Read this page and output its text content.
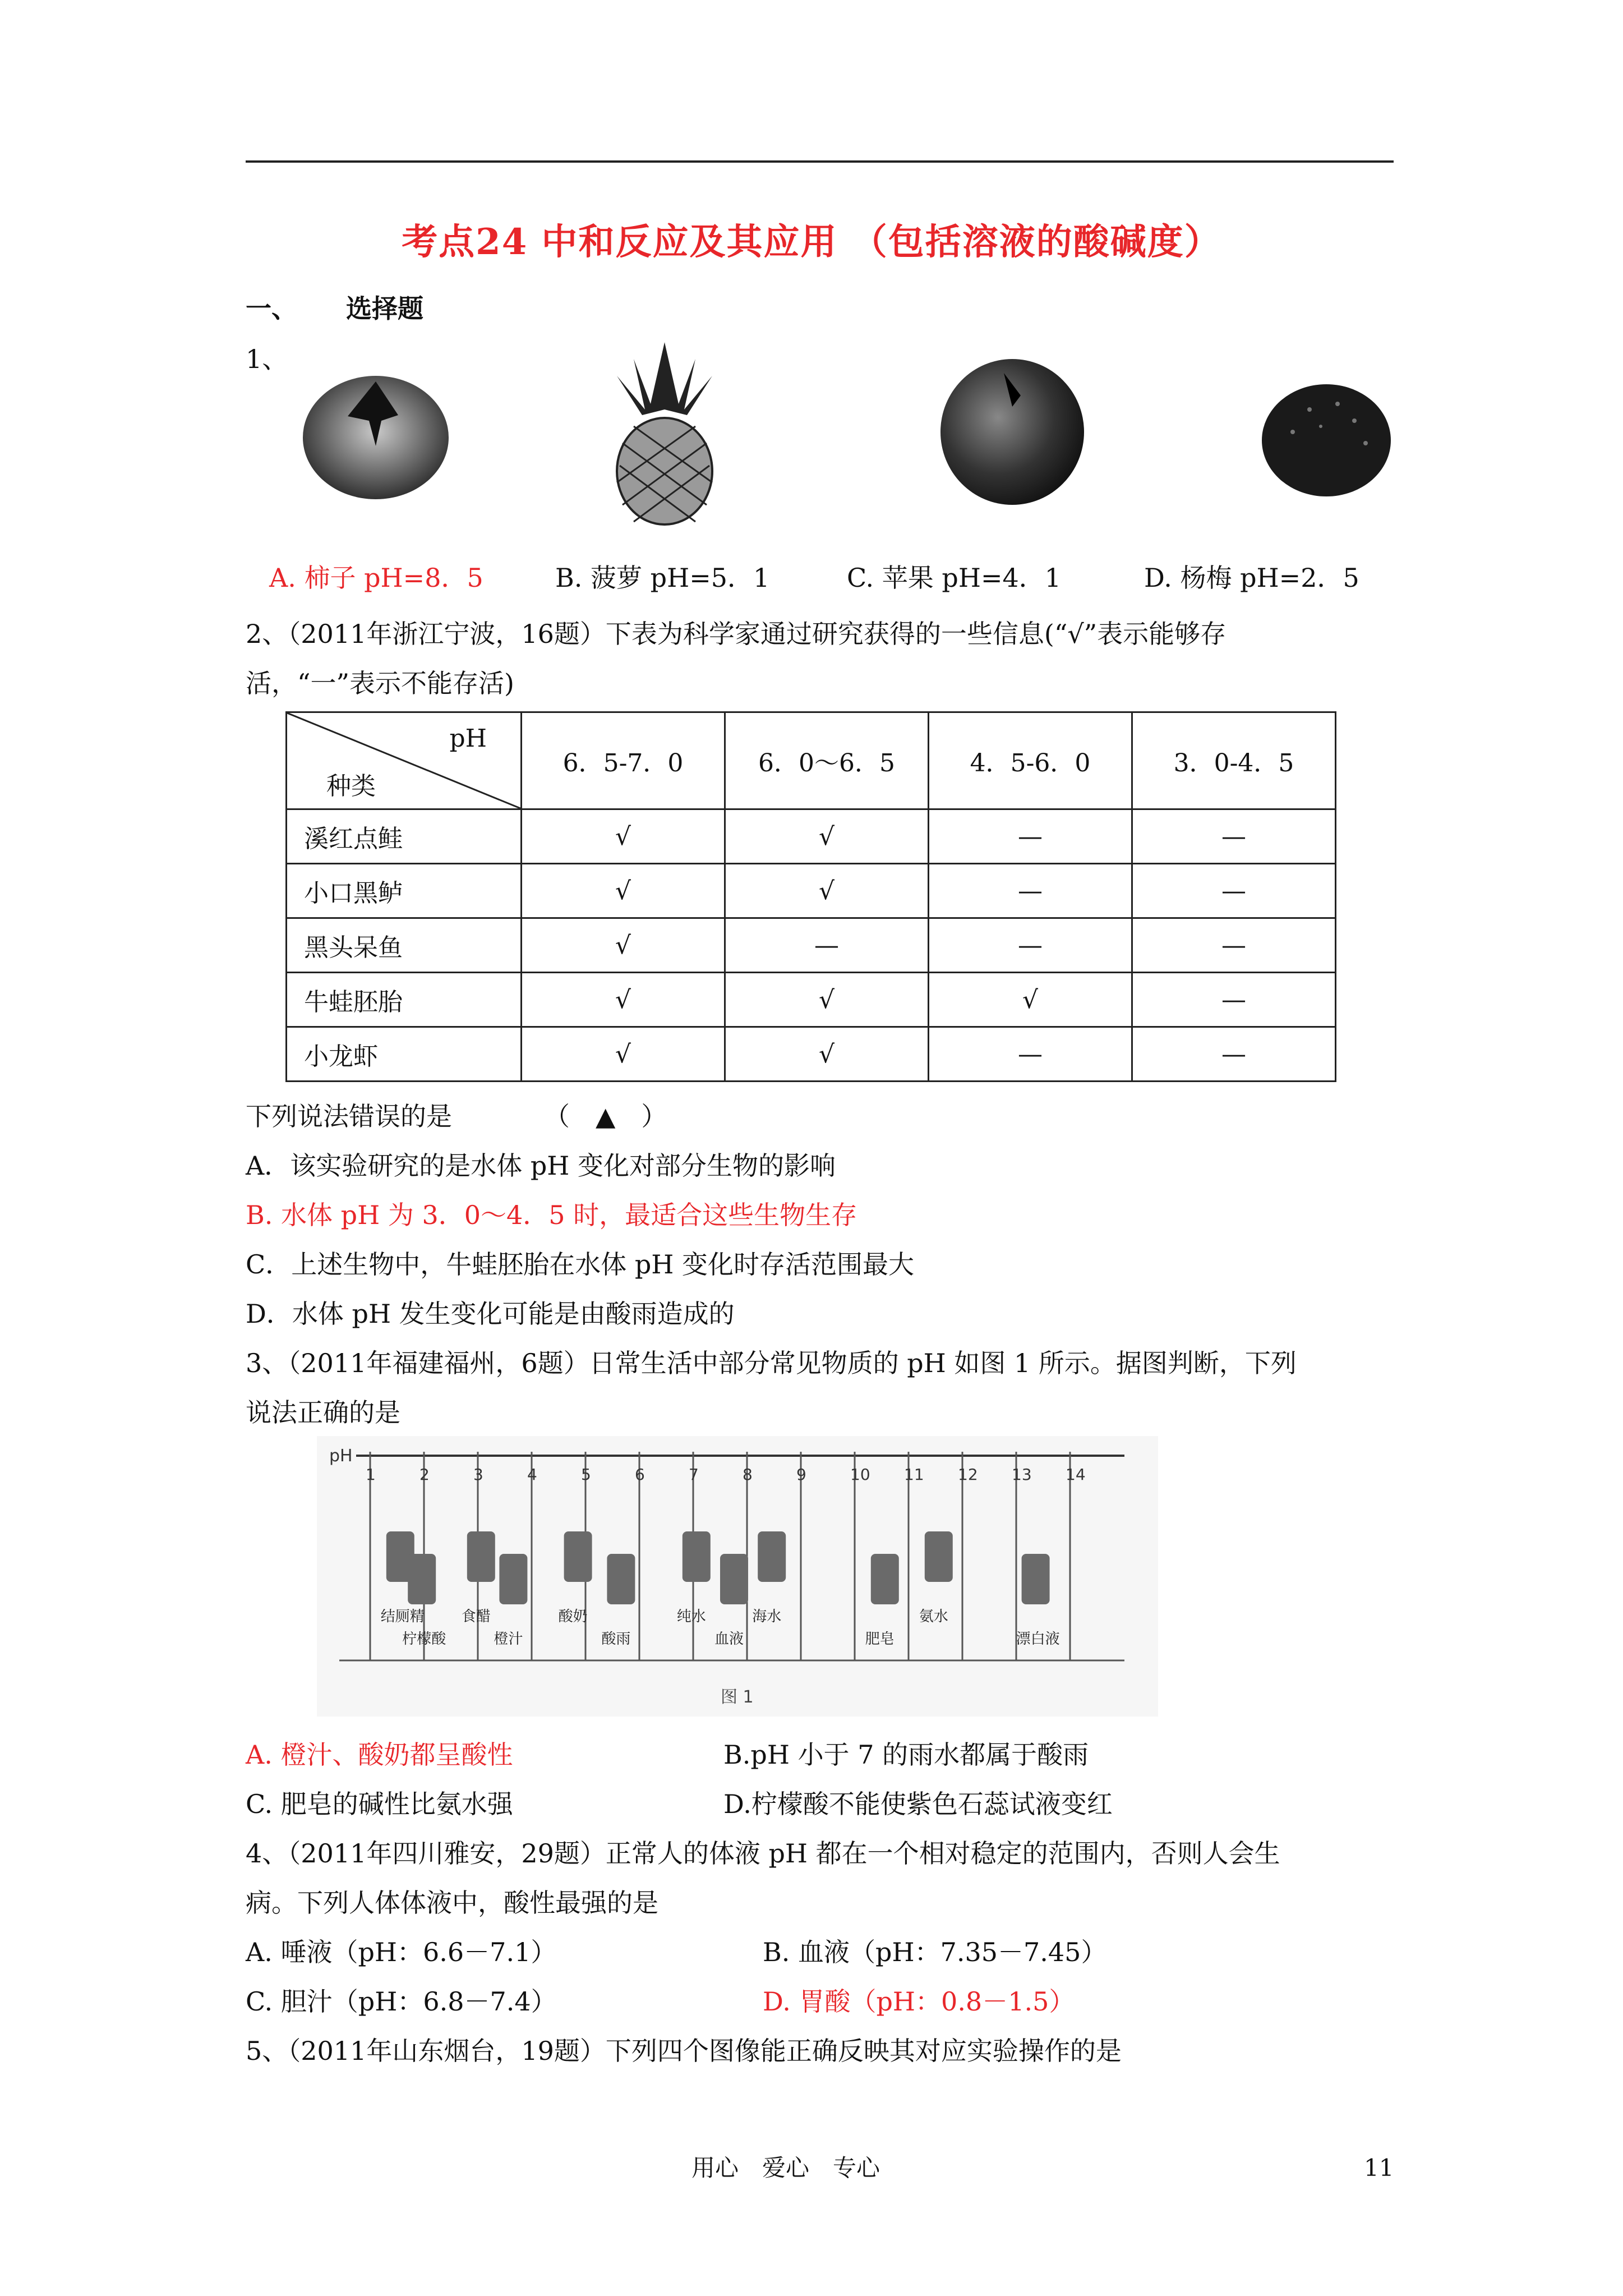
考点24 中和反应及其应用 （包括溶液的酸碱度）
一、 选择题
1、
A. 柿子 pH=8．5	B. 菠萝 pH=5．1	C. 苹果 pH=4．1	D. 杨梅 pH=2．5
2、（2011年浙江宁波，16题）下表为科学家通过研究获得的一些信息(“√”表示能够存
活，“一”表示不能存活)
pH
种类	6．5-7．0	6．0～6．5	4．5-6．0	3．0-4．5
溪红点鲑	√	√	—	—
小口黑鲈	√	√	—	—
黑头呆鱼	√	—	—	—
牛蛙胚胎	√	√	√	—
小龙虾	√	√	—	—
下列说法错误的是	（　▲　）
A．该实验研究的是水体 pH 变化对部分生物的影响
B. 水体 pH 为 3．0～4．5 时，最适合这些生物生存
C．上述生物中，牛蛙胚胎在水体 pH 变化时存活范围最大
D．水体 pH 发生变化可能是由酸雨造成的
3、（2011年福建福州，6题）日常生活中部分常见物质的 pH 如图 1 所示。据图判断，下列
说法正确的是
pH
1	2	3	4	5	6	7	8	9	10 11 12 13 14
结厕精
柠檬酸
食醋
橙汁
酸奶
酸雨
纯水
血液
海水
肥皂
氨水
漂白液
图 1
A. 橙汁、酸奶都呈酸性	B.pH 小于 7 的雨水都属于酸雨
C. 肥皂的碱性比氨水强	D.柠檬酸不能使紫色石蕊试液变红
4、（2011年四川雅安，29题）正常人的体液 pH 都在一个相对稳定的范围内，否则人会生
病。下列人体体液中，酸性最强的是
A. 唾液（pH：6.6－7.1）	B. 血液（pH：7.35－7.45）
C. 胆汁（pH：6.8－7.4）	D. 胃酸（pH：0.8－1.5）
5、（2011年山东烟台，19题）下列四个图像能正确反映其对应实验操作的是
用心　爱心　专心	11
